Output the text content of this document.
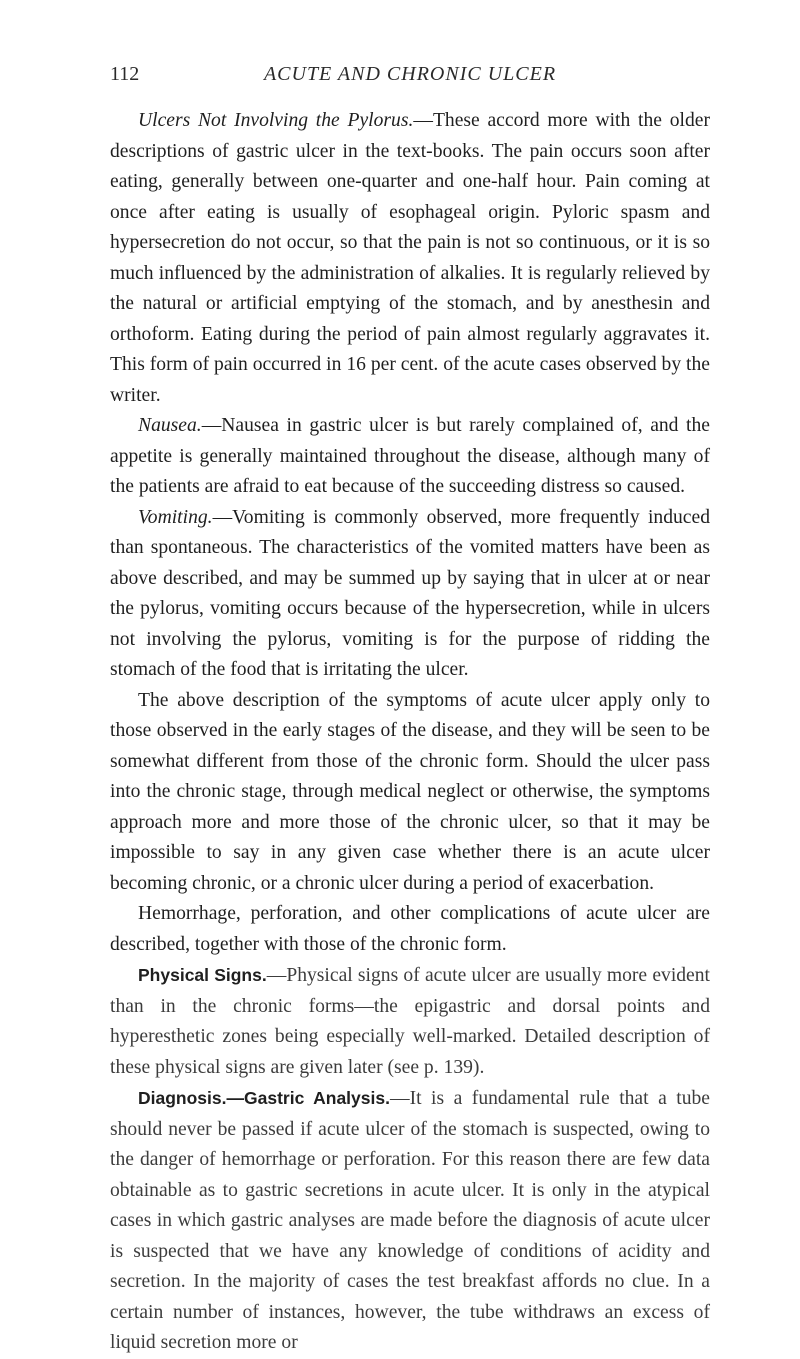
112	ACUTE AND CHRONIC ULCER

Ulcers Not Involving the Pylorus.—These accord more with the older descriptions of gastric ulcer in the text-books. The pain occurs soon after eating, generally between one-quarter and one-half hour. Pain coming at once after eating is usually of esophageal origin. Pyloric spasm and hypersecretion do not occur, so that the pain is not so continuous, or it is so much influenced by the administration of alkalies. It is regularly relieved by the natural or artificial emptying of the stomach, and by anesthesin and orthoform. Eating during the period of pain almost regularly aggravates it. This form of pain occurred in 16 per cent. of the acute cases observed by the writer.

Nausea.—Nausea in gastric ulcer is but rarely complained of, and the appetite is generally maintained throughout the disease, although many of the patients are afraid to eat because of the succeeding distress so caused.

Vomiting.—Vomiting is commonly observed, more frequently induced than spontaneous. The characteristics of the vomited matters have been as above described, and may be summed up by saying that in ulcer at or near the pylorus, vomiting occurs because of the hypersecretion, while in ulcers not involving the pylorus, vomiting is for the purpose of ridding the stomach of the food that is irritating the ulcer.

The above description of the symptoms of acute ulcer apply only to those observed in the early stages of the disease, and they will be seen to be somewhat different from those of the chronic form. Should the ulcer pass into the chronic stage, through medical neglect or otherwise, the symptoms approach more and more those of the chronic ulcer, so that it may be impossible to say in any given case whether there is an acute ulcer becoming chronic, or a chronic ulcer during a period of exacerbation.

Hemorrhage, perforation, and other complications of acute ulcer are described, together with those of the chronic form.

Physical Signs.—Physical signs of acute ulcer are usually more evident than in the chronic forms—the epigastric and dorsal points and hyperesthetic zones being especially well-marked. Detailed description of these physical signs are given later (see p. 139).

Diagnosis.—Gastric Analysis.—It is a fundamental rule that a tube should never be passed if acute ulcer of the stomach is suspected, owing to the danger of hemorrhage or perforation. For this reason there are few data obtainable as to gastric secretions in acute ulcer. It is only in the atypical cases in which gastric analyses are made before the diagnosis of acute ulcer is suspected that we have any knowledge of conditions of acidity and secretion. In the majority of cases the test breakfast affords no clue. In a certain number of instances, however, the tube withdraws an excess of liquid secretion more or
